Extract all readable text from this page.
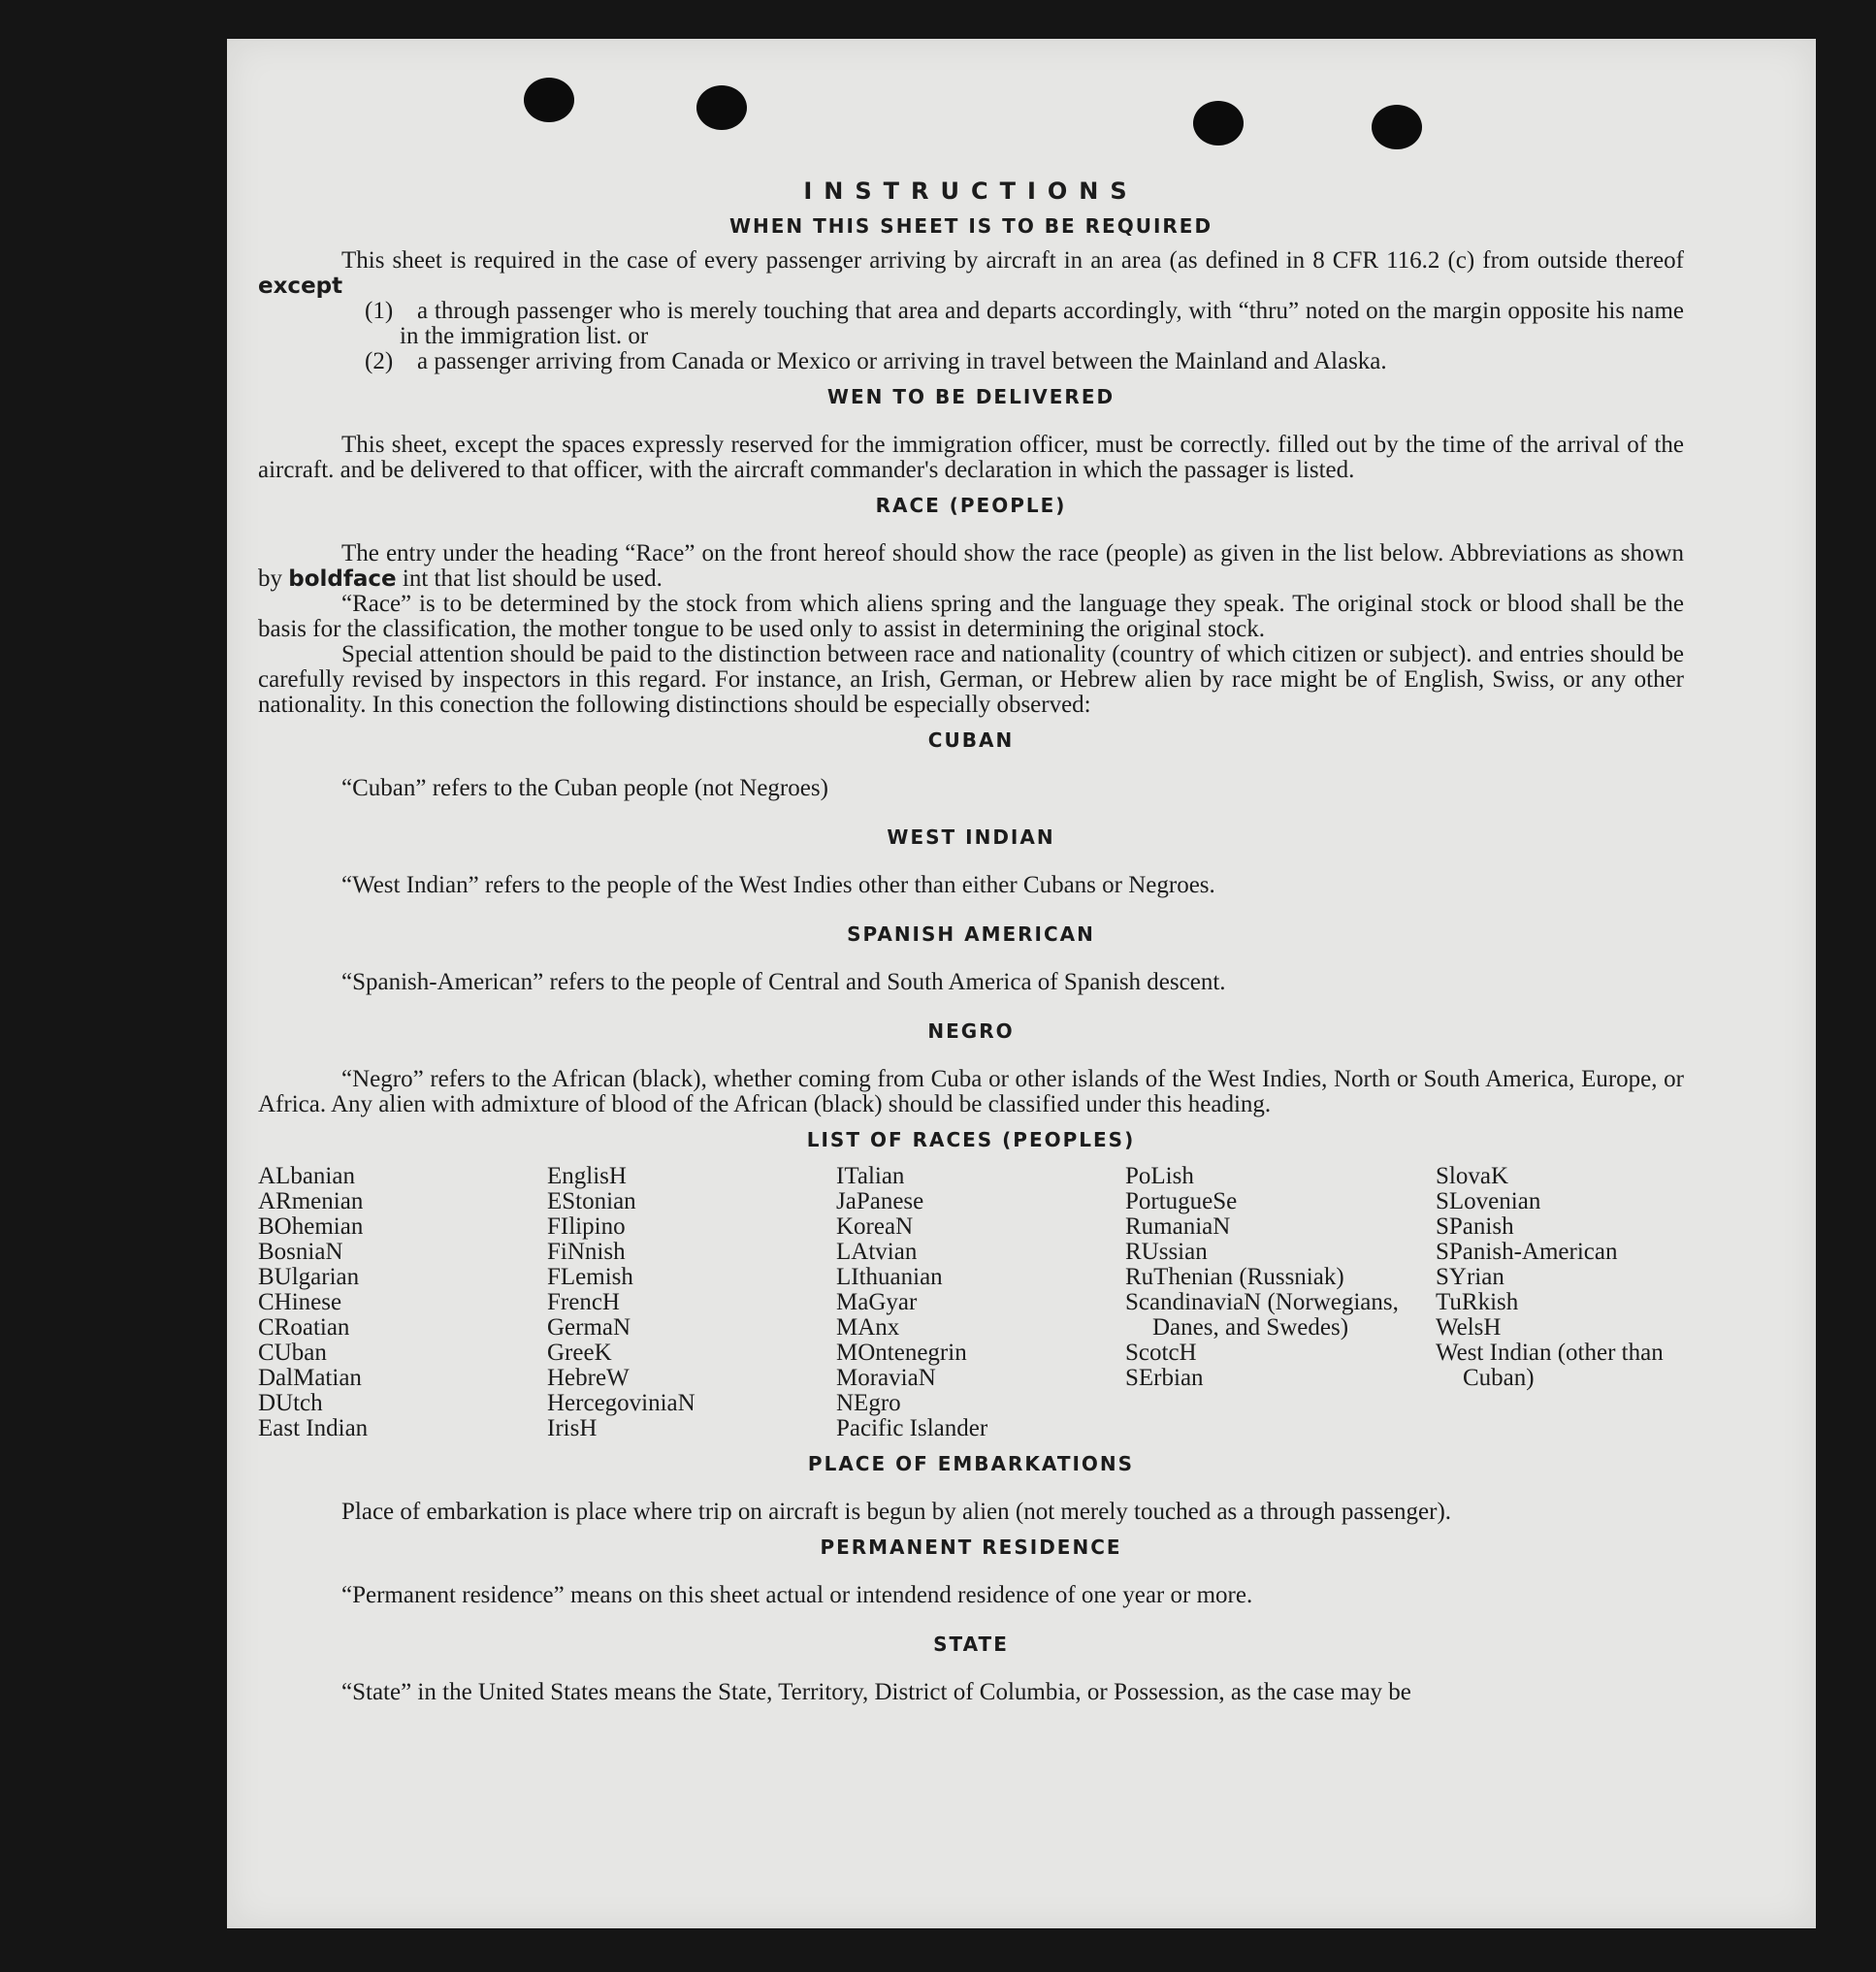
INSTRUCTIONS
WHEN THIS SHEET IS TO BE REQUIRED

This sheet is required in the case of every passenger arriving by aircraft in an area (as defined in 8 CFR 116.2 (c) from outside thereof except

(1) a through passenger who is merely touching that area and departs accordingly, with “thru” noted on the margin opposite his name in the immigration list. or
(2) a passenger arriving from Canada or Mexico or arriving in travel between the Mainland and Alaska.
WEN TO BE DELIVERED

This sheet, except the spaces expressly reserved for the immigration officer, must be correctly. filled out by the time of the arrival of the aircraft. and be delivered to that officer, with the aircraft commander's declaration in which the passager is listed.

RACE (PEOPLE)

The entry under the heading “Race” on the front hereof should show the race (people) as given in the list below. Abbreviations as shown by boldface int that list should be used.

“Race” is to be determined by the stock from which aliens spring and the language they speak. The original stock or blood shall be the basis for the classification, the mother tongue to be used only to assist in determining the original stock.

Special attention should be paid to the distinction between race and nationality (country of which citizen or subject). and entries should be carefully revised by inspectors in this regard. For instance, an Irish, German, or Hebrew alien by race might be of English, Swiss, or any other nationality. In this conection the following distinctions should be especially observed:

CUBAN

“Cuban” refers to the Cuban people (not Negroes)

WEST INDIAN

“West Indian” refers to the people of the West Indies other than either Cubans or Negroes.

SPANISH AMERICAN

“Spanish-American” refers to the people of Central and South America of Spanish descent.

NEGRO

“Negro” refers to the African (black), whether coming from Cuba or other islands of the West Indies, North or South America, Europe, or Africa. Any alien with admixture of blood of the African (black) should be classified under this heading.

LIST OF RACES (PEOPLES)
ALbanian
ARmenian
BOhemian
BosniaN
BUlgarian
CHinese
CRoatian
CUban
DalMatian
DUtch
East Indian
EnglisH
EStonian
FIlipino
FiNnish
FLemish
FrencH
GermaN
GreeK
HebreW
HercegoviniaN
IrisH
ITalian
JaPanese
KoreaN
LAtvian
LIthuanian
MaGyar
MAnx
MOntenegrin
MoraviaN
NEgro
Pacific Islander
PoLish
PortugueSe
RumaniaN
RUssian
RuThenian (Russniak)
ScandinaviaN (Norwegians, Danes, and Swedes)
ScotcH
SErbian
SlovaK
SLovenian
SPanish
SPanish-American
SYrian
TuRkish
WelsH
West Indian (other than Cuban)
PLACE OF EMBARKATIONS

Place of embarkation is place where trip on aircraft is begun by alien (not merely touched as a through passenger).

PERMANENT RESIDENCE

“Permanent residence” means on this sheet actual or intendend residence of one year or more.

STATE

“State” in the United States means the State, Territory, District of Columbia, or Possession, as the case may be
